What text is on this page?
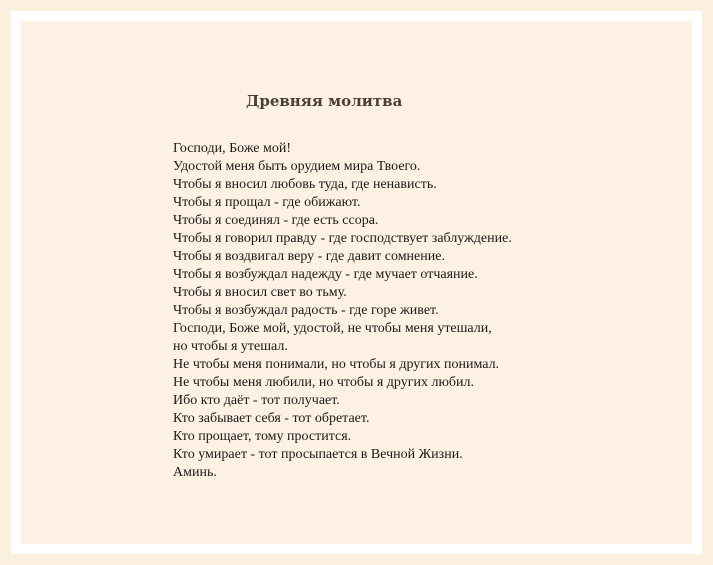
Древняя молитва
Господи, Боже мой!
Удостой меня быть орудием мира Твоего.
Чтобы я вносил любовь туда, где ненависть.
Чтобы я прощал - где обижают.
Чтобы я соединял - где есть ссора.
Чтобы я говорил правду - где господствует заблуждение.
Чтобы я воздвигал веру - где давит сомнение.
Чтобы я возбуждал надежду - где мучает отчаяние.
Чтобы я вносил свет во тьму.
Чтобы я возбуждал радость - где горе живет.
Господи, Боже мой, удостой, не чтобы меня утешали,
но чтобы я утешал.
Не чтобы меня понимали, но чтобы я других понимал.
Не чтобы меня любили, но чтобы я других любил.
Ибо кто даёт - тот получает.
Кто забывает себя - тот обретает.
Кто прощает, тому простится.
Кто умирает - тот просыпается в Вечной Жизни.
Аминь.
